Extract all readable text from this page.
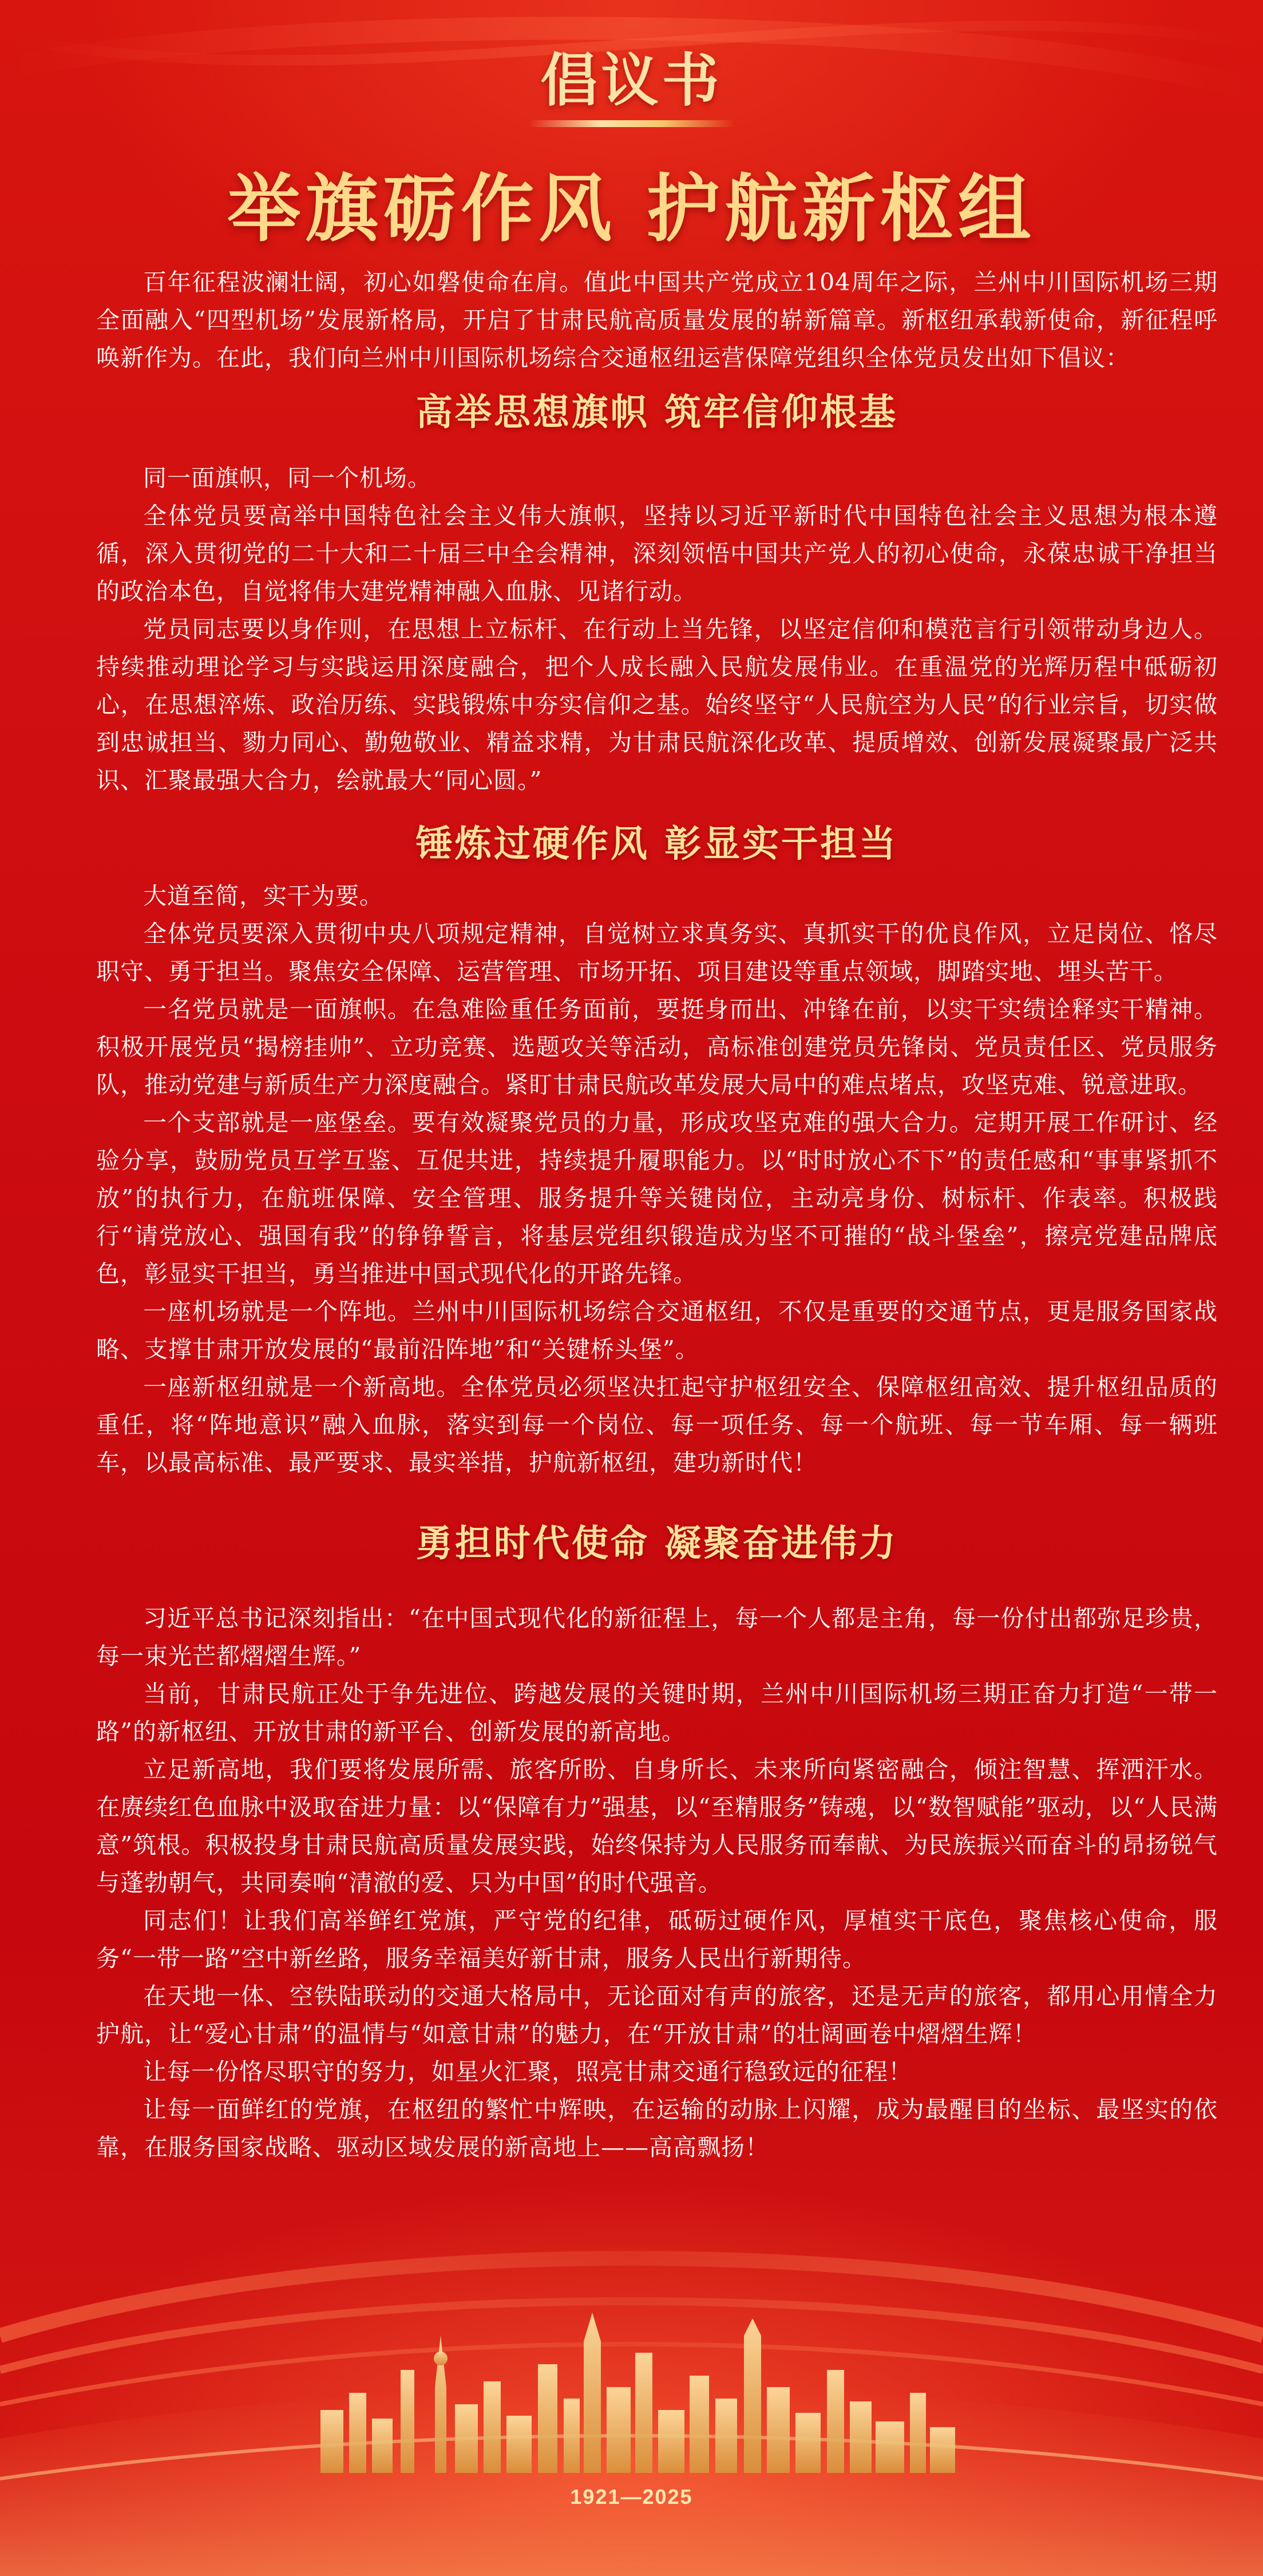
倡议书
举旗砺作风 护航新枢组

百年征程波澜壮阔，初心如磐使命在肩。值此中国共产党成立104周年之际，兰州中川国际机场三期全面融入“四型机场”发展新格局，开启了甘肃民航高质量发展的崭新篇章。新枢纽承载新使命，新征程呼唤新作为。在此，我们向兰州中川国际机场综合交通枢纽运营保障党组织全体党员发出如下倡议：

高举思想旗帜 筑牢信仰根基

同一面旗帜，同一个机场。

全体党员要高举中国特色社会主义伟大旗帜，坚持以习近平新时代中国特色社会主义思想为根本遵循，深入贯彻党的二十大和二十届三中全会精神，深刻领悟中国共产党人的初心使命，永葆忠诚干净担当的政治本色，自觉将伟大建党精神融入血脉、见诸行动。

党员同志要以身作则，在思想上立标杆、在行动上当先锋，以坚定信仰和模范言行引领带动身边人。持续推动理论学习与实践运用深度融合，把个人成长融入民航发展伟业。在重温党的光辉历程中砥砺初心，在思想淬炼、政治历练、实践锻炼中夯实信仰之基。始终坚守“人民航空为人民”的行业宗旨，切实做到忠诚担当、勠力同心、勤勉敬业、精益求精，为甘肃民航深化改革、提质增效、创新发展凝聚最广泛共识、汇聚最强大合力，绘就最大“同心圆。”

锤炼过硬作风 彰显实干担当

大道至简，实干为要。

全体党员要深入贯彻中央八项规定精神，自觉树立求真务实、真抓实干的优良作风，立足岗位、恪尽职守、勇于担当。聚焦安全保障、运营管理、市场开拓、项目建设等重点领域，脚踏实地、埋头苦干。

一名党员就是一面旗帜。在急难险重任务面前，要挺身而出、冲锋在前，以实干实绩诠释实干精神。积极开展党员“揭榜挂帅”、立功竞赛、选题攻关等活动，高标准创建党员先锋岗、党员责任区、党员服务队，推动党建与新质生产力深度融合。紧盯甘肃民航改革发展大局中的难点堵点，攻坚克难、锐意进取。

一个支部就是一座堡垒。要有效凝聚党员的力量，形成攻坚克难的强大合力。定期开展工作研讨、经验分享，鼓励党员互学互鉴、互促共进，持续提升履职能力。以“时时放心不下”的责任感和“事事紧抓不放”的执行力，在航班保障、安全管理、服务提升等关键岗位，主动亮身份、树标杆、作表率。积极践行“请党放心、强国有我”的铮铮誓言，将基层党组织锻造成为坚不可摧的“战斗堡垒”，擦亮党建品牌底色，彰显实干担当，勇当推进中国式现代化的开路先锋。

一座机场就是一个阵地。兰州中川国际机场综合交通枢纽，不仅是重要的交通节点，更是服务国家战略、支撑甘肃开放发展的“最前沿阵地”和“关键桥头堡”。

一座新枢纽就是一个新高地。全体党员必须坚决扛起守护枢纽安全、保障枢纽高效、提升枢纽品质的重任，将“阵地意识”融入血脉，落实到每一个岗位、每一项任务、每一个航班、每一节车厢、每一辆班车，以最高标准、最严要求、最实举措，护航新枢纽，建功新时代！

勇担时代使命 凝聚奋进伟力

习近平总书记深刻指出：“在中国式现代化的新征程上，每一个人都是主角，每一份付出都弥足珍贵，每一束光芒都熠熠生辉。”

当前，甘肃民航正处于争先进位、跨越发展的关键时期，兰州中川国际机场三期正奋力打造“一带一路”的新枢纽、开放甘肃的新平台、创新发展的新高地。

立足新高地，我们要将发展所需、旅客所盼、自身所长、未来所向紧密融合，倾注智慧、挥洒汗水。在赓续红色血脉中汲取奋进力量：以“保障有力”强基，以“至精服务”铸魂，以“数智赋能”驱动，以“人民满意”筑根。积极投身甘肃民航高质量发展实践，始终保持为人民服务而奉献、为民族振兴而奋斗的昂扬锐气与蓬勃朝气，共同奏响“清澈的爱、只为中国”的时代强音。

同志们！让我们高举鲜红党旗，严守党的纪律，砥砺过硬作风，厚植实干底色，聚焦核心使命，服务“一带一路”空中新丝路，服务幸福美好新甘肃，服务人民出行新期待。

在天地一体、空铁陆联动的交通大格局中，无论面对有声的旅客，还是无声的旅客，都用心用情全力护航，让“爱心甘肃”的温情与“如意甘肃”的魅力，在“开放甘肃”的壮阔画卷中熠熠生辉！

让每一份恪尽职守的努力，如星火汇聚，照亮甘肃交通行稳致远的征程！

让每一面鲜红的党旗，在枢纽的繁忙中辉映，在运输的动脉上闪耀，成为最醒目的坐标、最坚实的依靠，在服务国家战略、驱动区域发展的新高地上——高高飘扬！

1921—2025
